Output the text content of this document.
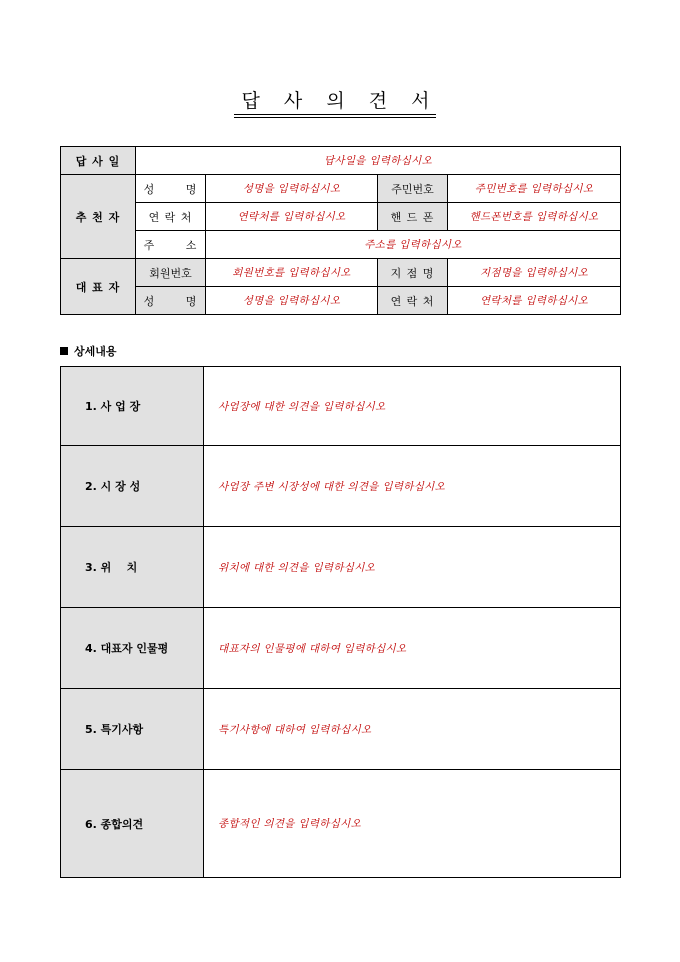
답 사 의 견 서
답 사 일	답사일을 입력하십시오			
추 천 자	성 명	성명을 입력하십시오	주민번호	주민번호를 입력하십시오
	연 락 처	연락처를 입력하십시오	핸 드 폰	핸드폰번호를 입력하십시오
	주 소	주소를 입력하십시오		
대 표 자	회원번호	회원번호를 입력하십시오	지 점 명	지점명을 입력하십시오
	성 명	성명을 입력하십시오	연 락 처	연락처를 입력하십시오
상세내용
1. 사 업 장	사업장에 대한 의견을 입력하십시오
2. 시 장 성	사업장 주변 시장성에 대한 의견을 입력하십시오
3. 위    치	위치에 대한 의견을 입력하십시오
4. 대표자 인물평	대표자의 인물평에 대하여 입력하십시오
5. 특기사항	특기사항에 대하여 입력하십시오
6. 종합의견	종합적인 의견을 입력하십시오
